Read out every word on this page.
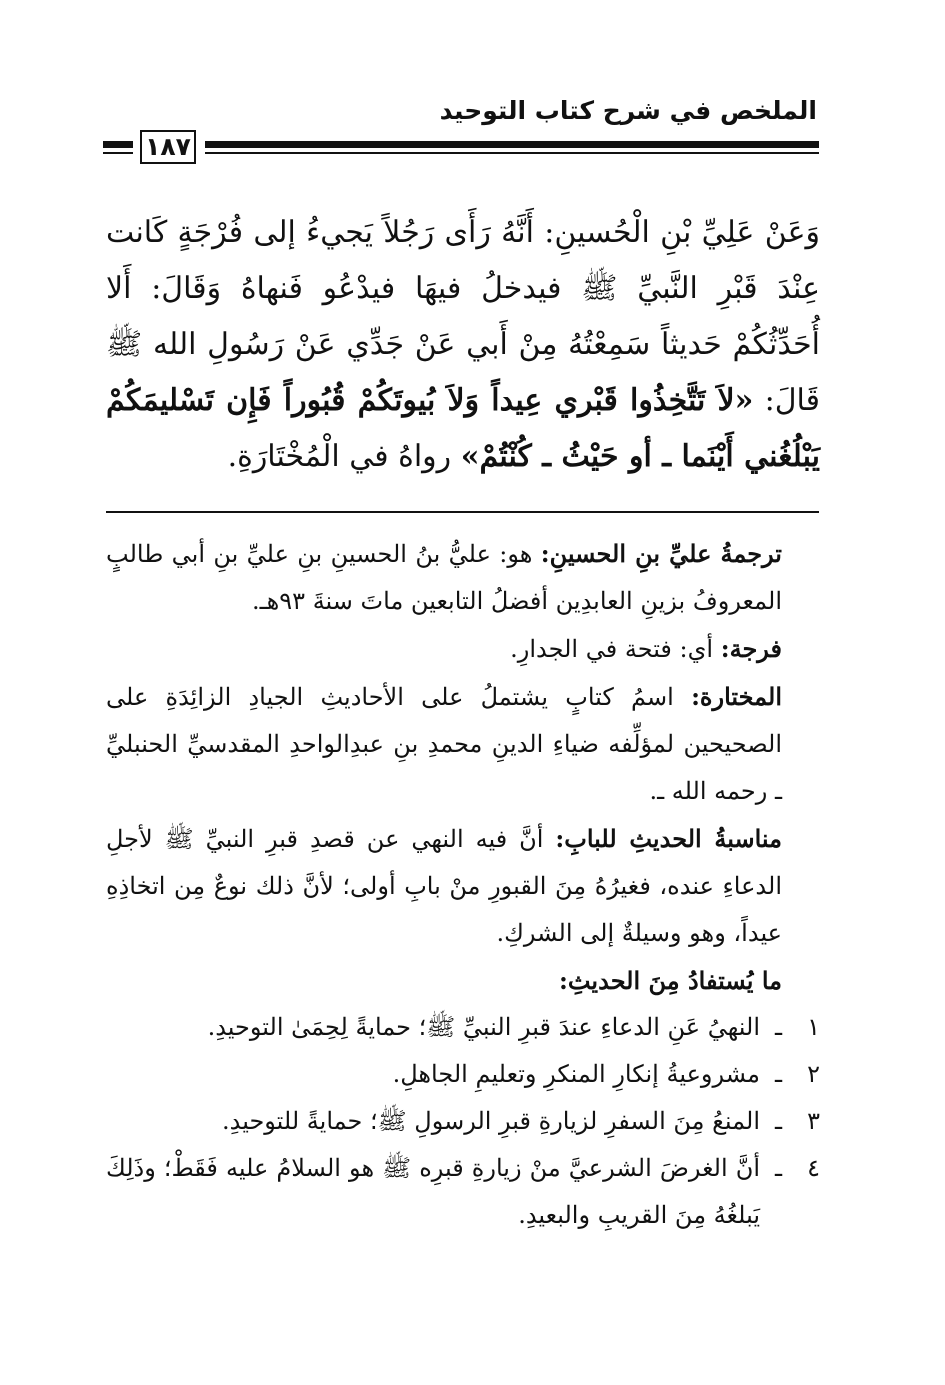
الملخص في شرح كتاب التوحيد
١٨٧
وَعَنْ عَلِيِّ بْنِ الْحُسينِ: أَنَّهُ رَأَى رَجُلاً يَجيءُ إلى فُرْجَةٍ كَانت عِنْدَ قَبْرِ النَّبيِّ ﷺ فيدخلُ فيهَا فيدْعُو فَنهاهُ وَقَالَ: أَلا أُحَدِّثُكُمْ حَديثاً سَمِعْتُهُ مِنْ أَبي عَنْ جَدِّي عَنْ رَسُولِ الله ﷺ قَالَ: «لاَ تَتَّخِذُوا قَبْري عِيداً وَلاَ بُيوتَكُمْ قُبُوراً فَإِن تَسْليمَكُمْ يَبْلُغُني أَيْنَما ـ أو حَيْثُ ـ كُنْتُمْ» رواهُ في الْمُخْتَارَةِ.

ترجمةُ عليِّ بنِ الحسينِ: هو: عليُّ بنُ الحسينِ بنِ عليِّ بنِ أبي طالبٍ المعروفُ بزينِ العابدِين أفضلُ التابعين ماتَ سنةَ ٩٣هـ.

فرجة: أي: فتحة في الجدارِ.

المختارة: اسمُ كتابٍ يشتملُ على الأحاديثِ الجيادِ الزائِدَةِ على الصحيحين لمؤلِّفه ضياءِ الدينِ محمدِ بنِ عبدِالواحدِ المقدسيِّ الحنبليِّ ـ رحمه الله ـ.

مناسبةُ الحديثِ للبابِ: أنَّ فيه النهي عن قصدِ قبرِ النبيِّ ﷺ لأجلِ الدعاءِ عنده، فغيرُهُ مِنَ القبورِ منْ بابِ أولى؛ لأنَّ ذلك نوعٌ مِن اتخاذِهِ عيداً، وهو وسيلةٌ إلى الشركِ.

ما يُستفادُ مِنَ الحديثِ:

١
ـ
النهيُ عَنِ الدعاءِ عندَ قبرِ النبيِّ ﷺ؛ حمايةً لِحِمَىٰ التوحيدِ.
٢
ـ
مشروعيةُ إنكارِ المنكرِ وتعليمِ الجاهلِ.
٣
ـ
المنعُ مِنَ السفرِ لزيارةِ قبرِ الرسولِ ﷺ؛ حمايةً للتوحيدِ.
٤
ـ
أنَّ الغرضَ الشرعيَّ منْ زيارةِ قبرِه ﷺ هو السلامُ عليه فَقَطْ؛ وذَلِكَ يَبلغُهُ مِنَ القريبِ والبعيدِ.
